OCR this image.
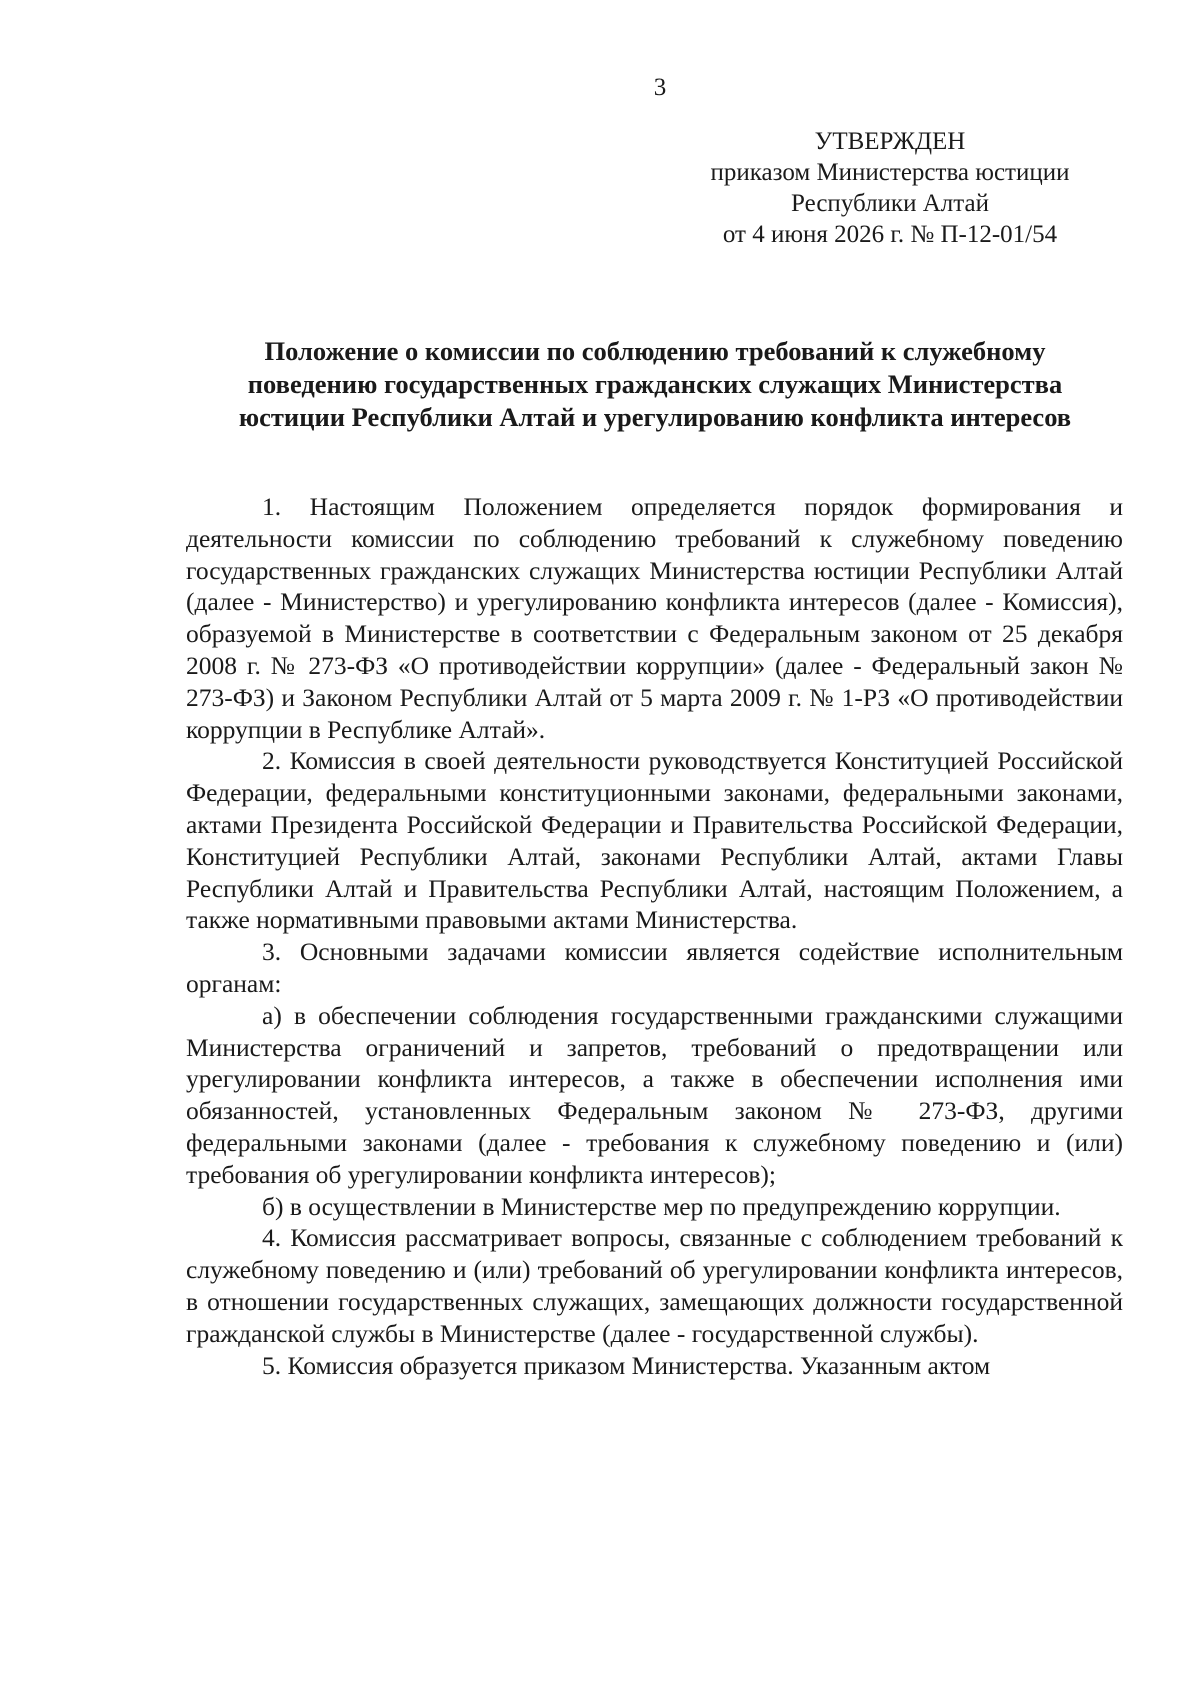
3
УТВЕРЖДЕН
приказом Министерства юстиции
Республики Алтай
от 4 июня 2026 г. № П-12-01/54
Положение о комиссии по соблюдению требований к служебному
поведению государственных гражданских служащих Министерства
юстиции Республики Алтай и урегулированию конфликта интересов

1. Настоящим Положением определяется порядок формирования и деятельности комиссии по соблюдению требований к служебному поведению государственных гражданских служащих Министерства юстиции Республики Алтай (далее - Министерство) и урегулированию конфликта интересов (далее - Комиссия), образуемой в Министерстве в соответствии с Федеральным законом от 25 декабря 2008 г. № 273-ФЗ «О противодействии коррупции» (далее - Федеральный закон № 273-ФЗ) и Законом Республики Алтай от 5 марта 2009 г. № 1-РЗ «О противодействии коррупции в Республике Алтай».

2. Комиссия в своей деятельности руководствуется Конституцией Российской Федерации, федеральными конституционными законами, федеральными законами, актами Президента Российской Федерации и Правительства Российской Федерации, Конституцией Республики Алтай, законами Республики Алтай, актами Главы Республики Алтай и Правительства Республики Алтай, настоящим Положением, а также нормативными правовыми актами Министерства.

3. Основными задачами комиссии является содействие исполнительным органам:

а) в обеспечении соблюдения государственными гражданскими служащими Министерства ограничений и запретов, требований о предотвращении или урегулировании конфликта интересов, а также в обеспечении исполнения ими обязанностей, установленных Федеральным законом № 273-ФЗ, другими федеральными законами (далее - требования к служебному поведению и (или) требования об урегулировании конфликта интересов);

б) в осуществлении в Министерстве мер по предупреждению коррупции.

4. Комиссия рассматривает вопросы, связанные с соблюдением требований к служебному поведению и (или) требований об урегулировании конфликта интересов, в отношении государственных служащих, замещающих должности государственной гражданской службы в Министерстве (далее - государственной службы).

5. Комиссия образуется приказом Министерства. Указанным актом
